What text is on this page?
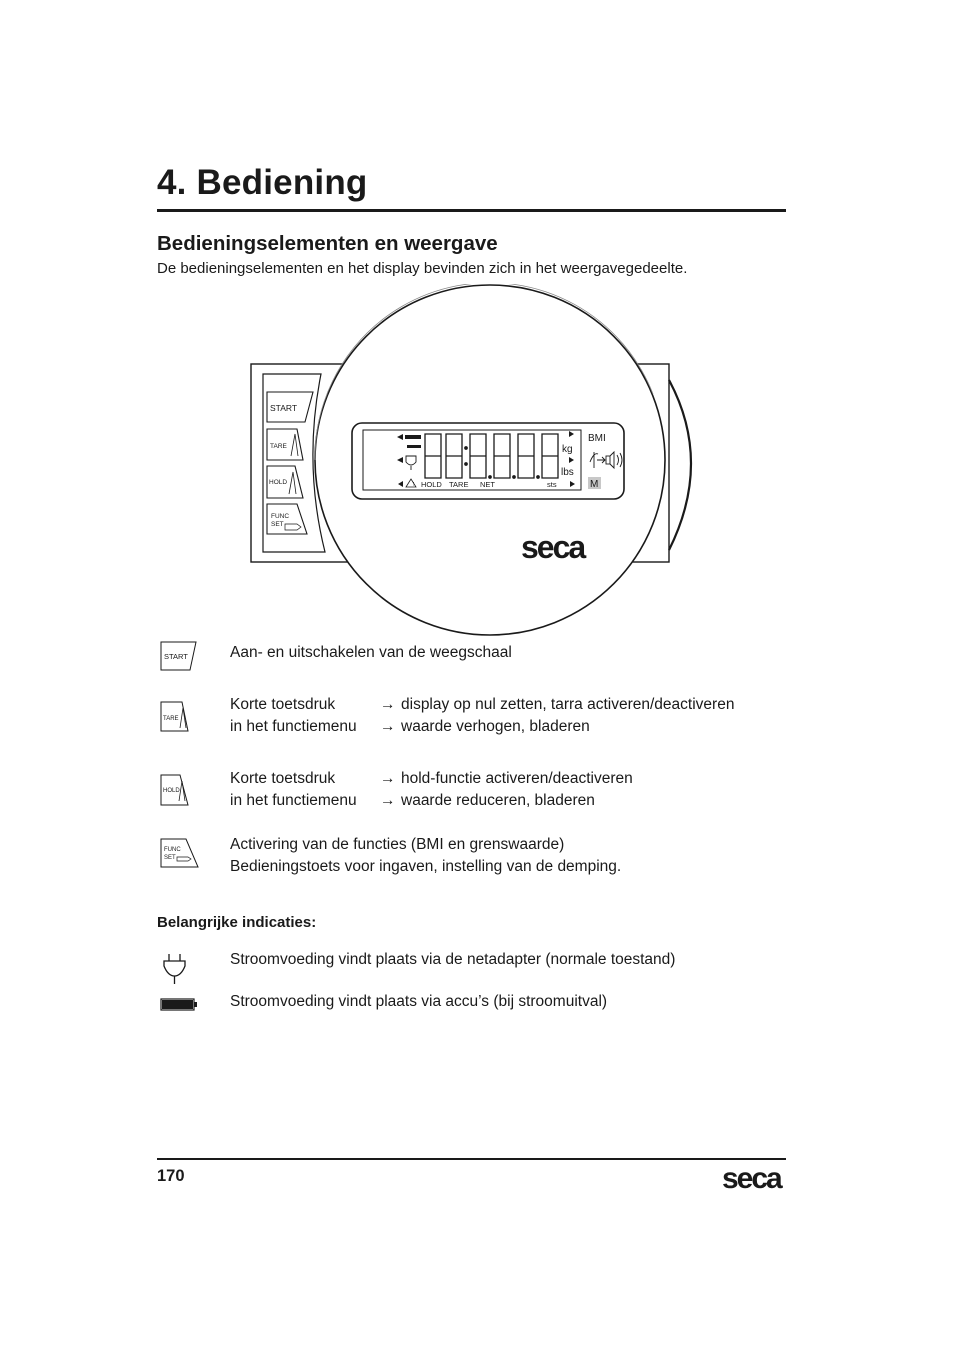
4. Bediening
Bedieningselementen en weergave

De bedieningselementen en het display bevinden zich in het weergavegedeelte.

START
TARE
HOLD
FUNC
SET
!
kg
lbs
HOLD TARE NET	sts
BMI
M
seca
START	Aan- en uitschakelen van de weegschaal
TARE
Korte toetsdruk	→ display op nul zetten, tarra activeren/deactiveren
in het functiemenu → waarde verhogen, bladeren
HOLD
Korte toetsdruk	→ hold-functie activeren/deactiveren
in het functiemenu → waarde reduceren, bladeren
FUNC
SET
Activering van de functies (BMI en grenswaarde)
Bedieningstoets voor ingaven, instelling van de demping.
Belangrijke indicaties:
Stroomvoeding vindt plaats via de netadapter (normale toestand)
Stroomvoeding vindt plaats via accu’s (bij stroomuitval)
170	seca
